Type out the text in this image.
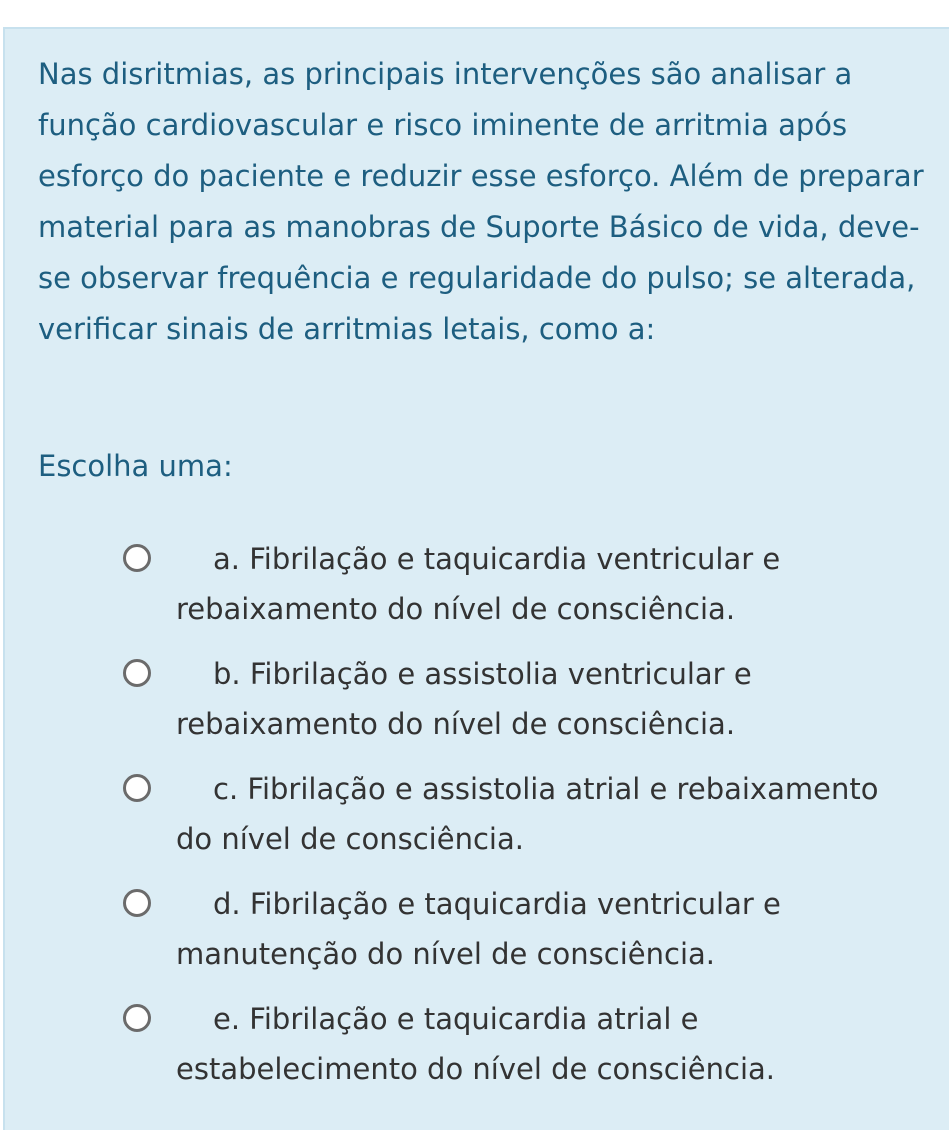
Nas disritmias, as principais intervenções são analisar a função cardiovascular e risco iminente de arritmia após esforço do paciente e reduzir esse esforço. Além de preparar material para as manobras de Suporte Básico de vida, deve-se observar frequência e regularidade do pulso; se alterada, verificar sinais de arritmias letais, como a:

Escolha uma:

a. Fibrilação e taquicardia ventricular e rebaixamento do nível de consciência.
b. Fibrilação e assistolia ventricular e rebaixamento do nível de consciência.
c. Fibrilação e assistolia atrial e rebaixamento do nível de consciência.
d. Fibrilação e taquicardia ventricular e manutenção do nível de consciência.
e. Fibrilação e taquicardia atrial e estabelecimento do nível de consciência.
